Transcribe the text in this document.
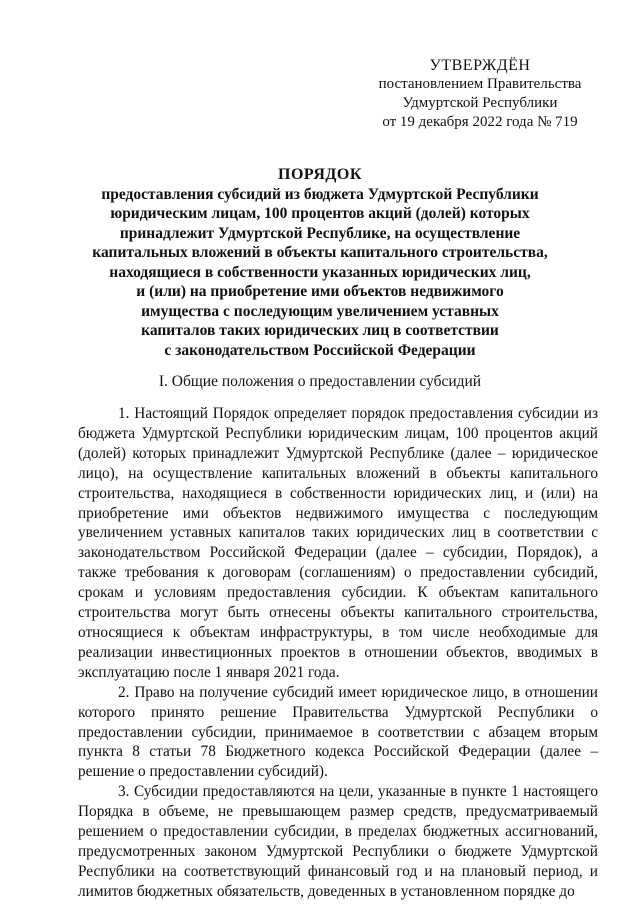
УТВЕРЖДЁН
постановлением Правительства
Удмуртской Республики
от 19 декабря 2022 года № 719
ПОРЯДОК
предоставления субсидий из бюджета Удмуртской Республики
юридическим лицам, 100 процентов акций (долей) которых
принадлежит Удмуртской Республике, на осуществление
капитальных вложений в объекты капитального строительства,
находящиеся в собственности указанных юридических лиц,
и (или) на приобретение ими объектов недвижимого
имущества с последующим увеличением уставных
капиталов таких юридических лиц в соответствии
с законодательством Российской Федерации
I. Общие положения о предоставлении субсидий

1. Настоящий Порядок определяет порядок предоставления субсидии из бюджета Удмуртской Республики юридическим лицам, 100 процентов акций (долей) которых принадлежит Удмуртской Республике (далее – юридическое лицо), на осуществление капитальных вложений в объекты капитального строительства, находящиеся в собственности юридических лиц, и (или) на приобретение ими объектов недвижимого имущества с последующим увеличением уставных капиталов таких юридических лиц в соответствии с законодательством Российской Федерации (далее – субсидии, Порядок), а также требования к договорам (соглашениям) о предоставлении субсидий, срокам и условиям предоставления субсидии. К объектам капитального строительства могут быть отнесены объекты капитального строительства, относящиеся к объектам инфраструктуры, в том числе необходимые для реализации инвестиционных проектов в отношении объектов, вводимых в эксплуатацию после 1 января 2021 года.

2. Право на получение субсидий имеет юридическое лицо, в отношении которого принято решение Правительства Удмуртской Республики о предоставлении субсидии, принимаемое в соответствии с абзацем вторым пункта 8 статьи 78 Бюджетного кодекса Российской Федерации (далее – решение о предоставлении субсидий).

3. Субсидии предоставляются на цели, указанные в пункте 1 настоящего Порядка в объеме, не превышающем размер средств, предусматриваемый решением о предоставлении субсидии, в пределах бюджетных ассигнований, предусмотренных законом Удмуртской Республики о бюджете Удмуртской Республики на соответствующий финансовый год и на плановый период, и лимитов бюджетных обязательств, доведенных в установленном порядке до
